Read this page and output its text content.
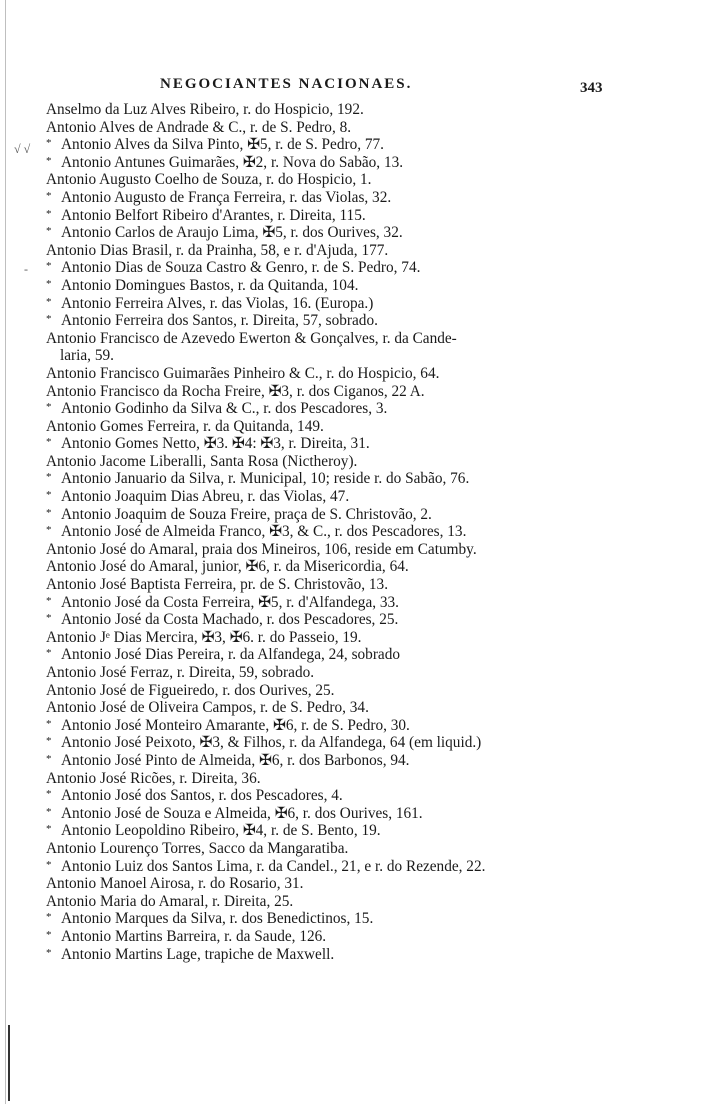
√ √
-
NEGOCIANTES NACIONAES.	343
Anselmo da Luz Alves Ribeiro, r. do Hospicio, 192.
Antonio Alves de Andrade & C., r. de S. Pedro, 8.
* Antonio Alves da Silva Pinto, ✠5, r. de S. Pedro, 77.
* Antonio Antunes Guimarães, ✠2, r. Nova do Sabão, 13.
Antonio Augusto Coelho de Souza, r. do Hospicio, 1.
* Antonio Augusto de França Ferreira, r. das Violas, 32.
* Antonio Belfort Ribeiro d'Arantes, r. Direita, 115.
* Antonio Carlos de Araujo Lima, ✠5, r. dos Ourives, 32.
Antonio Dias Brasil, r. da Prainha, 58, e r. d'Ajuda, 177.
* Antonio Dias de Souza Castro & Genro, r. de S. Pedro, 74.
* Antonio Domingues Bastos, r. da Quitanda, 104.
* Antonio Ferreira Alves, r. das Violas, 16. (Europa.)
* Antonio Ferreira dos Santos, r. Direita, 57, sobrado.
Antonio Francisco de Azevedo Ewerton & Gonçalves, r. da Cande-
laria, 59.
Antonio Francisco Guimarães Pinheiro & C., r. do Hospicio, 64.
Antonio Francisco da Rocha Freire, ✠3, r. dos Ciganos, 22 A.
* Antonio Godinho da Silva & C., r. dos Pescadores, 3.
Antonio Gomes Ferreira, r. da Quitanda, 149.
* Antonio Gomes Netto, ✠3. ✠4: ✠3, r. Direita, 31.
Antonio Jacome Liberalli, Santa Rosa (Nictheroy).
* Antonio Januario da Silva, r. Municipal, 10; reside r. do Sabão, 76.
* Antonio Joaquim Dias Abreu, r. das Violas, 47.
* Antonio Joaquim de Souza Freire, praça de S. Christovão, 2.
* Antonio José de Almeida Franco, ✠3, & C., r. dos Pescadores, 13.
Antonio José do Amaral, praia dos Mineiros, 106, reside em Catumby.
Antonio José do Amaral, junior, ✠6, r. da Misericordia, 64.
Antonio José Baptista Ferreira, pr. de S. Christovão, 13.
* Antonio José da Costa Ferreira, ✠5, r. d'Alfandega, 33.
* Antonio José da Costa Machado, r. dos Pescadores, 25.
Antonio Jᵉ Dias Mercira, ✠3, ✠6. r. do Passeio, 19.
* Antonio José Dias Pereira, r. da Alfandega, 24, sobrado
Antonio José Ferraz, r. Direita, 59, sobrado.
Antonio José de Figueiredo, r. dos Ourives, 25.
Antonio José de Oliveira Campos, r. de S. Pedro, 34.
* Antonio José Monteiro Amarante, ✠6, r. de S. Pedro, 30.
* Antonio José Peixoto, ✠3, & Filhos, r. da Alfandega, 64 (em liquid.)
* Antonio José Pinto de Almeida, ✠6, r. dos Barbonos, 94.
Antonio José Ricões, r. Direita, 36.
* Antonio José dos Santos, r. dos Pescadores, 4.
* Antonio José de Souza e Almeida, ✠6, r. dos Ourives, 161.
* Antonio Leopoldino Ribeiro, ✠4, r. de S. Bento, 19.
Antonio Lourenço Torres, Sacco da Mangaratiba.
* Antonio Luiz dos Santos Lima, r. da Candel., 21, e r. do Rezende, 22.
Antonio Manoel Airosa, r. do Rosario, 31.
Antonio Maria do Amaral, r. Direita, 25.
* Antonio Marques da Silva, r. dos Benedictinos, 15.
* Antonio Martins Barreira, r. da Saude, 126.
* Antonio Martins Lage, trapiche de Maxwell.
